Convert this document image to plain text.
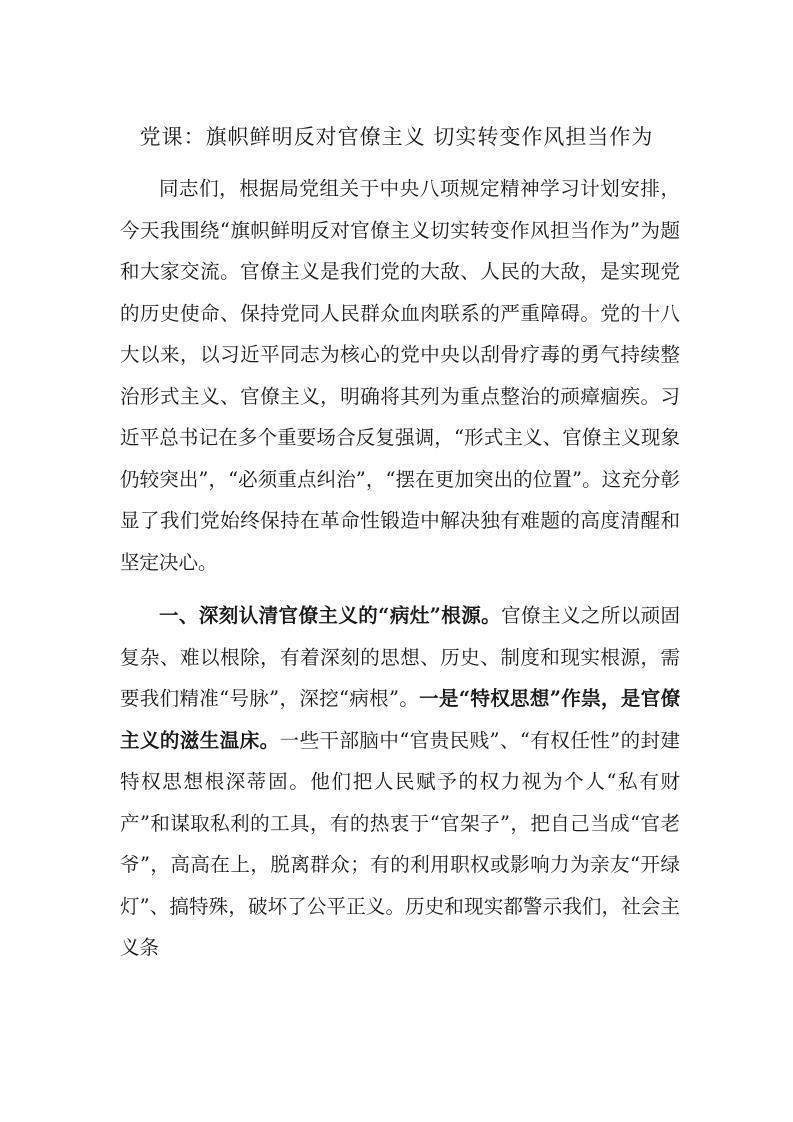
党课：旗帜鲜明反对官僚主义 切实转变作风担当作为

同志们，根据局党组关于中央八项规定精神学习计划安排，今天我围绕“旗帜鲜明反对官僚主义切实转变作风担当作为”为题和大家交流。官僚主义是我们党的大敌、人民的大敌，是实现党的历史使命、保持党同人民群众血肉联系的严重障碍。党的十八大以来，以习近平同志为核心的党中央以刮骨疗毒的勇气持续整治形式主义、官僚主义，明确将其列为重点整治的顽瘴痼疾。习近平总书记在多个重要场合反复强调，“形式主义、官僚主义现象仍较突出”，“必须重点纠治”，“摆在更加突出的位置”。这充分彰显了我们党始终保持在革命性锻造中解决独有难题的高度清醒和坚定决心。

一、深刻认清官僚主义的“病灶”根源。官僚主义之所以顽固复杂、难以根除，有着深刻的思想、历史、制度和现实根源，需要我们精准“号脉”，深挖“病根”。一是“特权思想”作祟，是官僚主义的滋生温床。一些干部脑中“官贵民贱”、“有权任性”的封建特权思想根深蒂固。他们把人民赋予的权力视为个人“私有财产”和谋取私利的工具，有的热衷于“官架子”，把自己当成“官老爷”，高高在上，脱离群众；有的利用职权或影响力为亲友“开绿灯”、搞特殊，破坏了公平正义。历史和现实都警示我们，社会主义条
